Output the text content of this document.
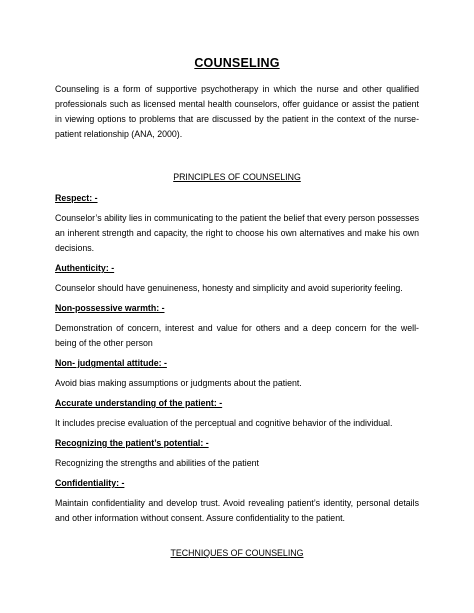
COUNSELING

Counseling is a form of supportive psychotherapy in which the nurse and other qualified professionals such as licensed mental health counselors, offer guidance or assist the patient in viewing options to problems that are discussed by the patient in the context of the nurse-patient relationship (ANA, 2000).

PRINCIPLES OF COUNSELING
Respect: -

Counselor’s ability lies in communicating to the patient the belief that every person possesses an inherent strength and capacity, the right to choose his own alternatives and make his own decisions.

Authenticity: -

Counselor should have genuineness, honesty and simplicity and avoid superiority feeling.

Non-possessive warmth: -

Demonstration of concern, interest and value for others and a deep concern for the well-being of the other person

Non- judgmental attitude: -

Avoid bias making assumptions or judgments about the patient.

Accurate understanding of the patient: -

It includes precise evaluation of the perceptual and cognitive behavior of the individual.

Recognizing the patient’s potential: -

Recognizing the strengths and abilities of the patient

Confidentiality: -

Maintain confidentiality and develop trust. Avoid revealing patient’s identity, personal details and other information without consent. Assure confidentiality to the patient.

TECHNIQUES OF COUNSELING
